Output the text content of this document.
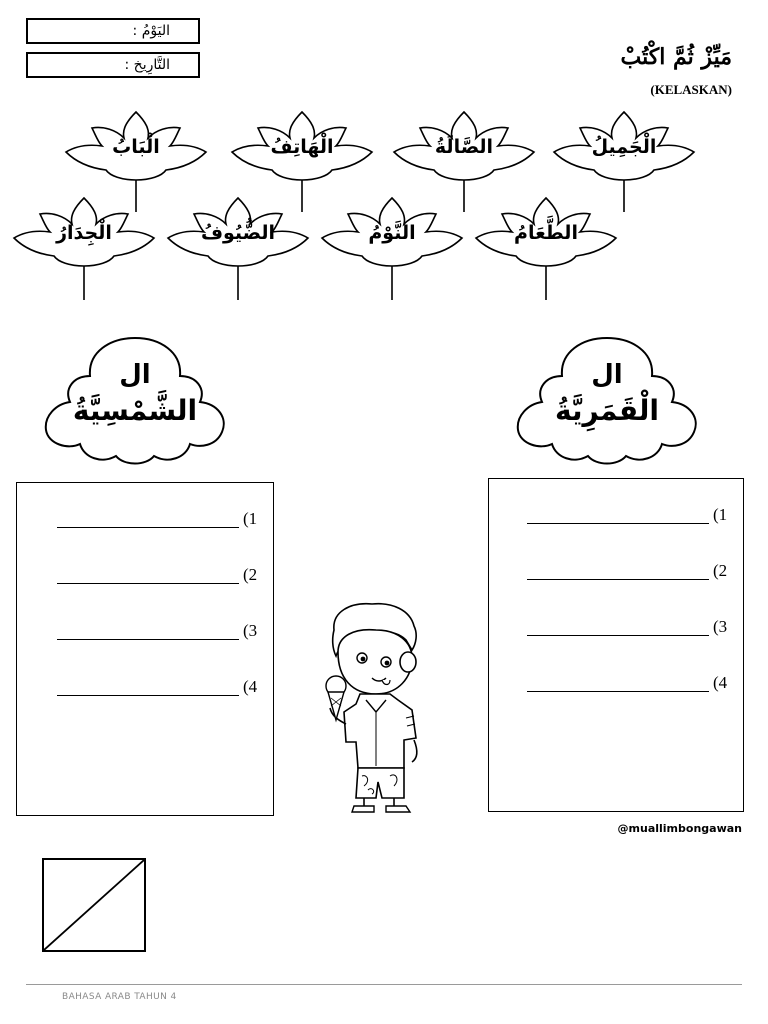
اليَوْمُ :
التَّارِيخ :	مَيِّزْ ثُمَّ اكْتُبْ
(KELASKAN)
الْبَابُ	الْهَاتِفُ	الصَّالَةُ	الْجَمِيلُ
الْجِدَارُ	الضُّيُوفُ	النَّوْمُ	الطَّعَامُ
ال
الشَّمْسِيَّةُ
ال
الْقَمَرِيَّةُ
(1
(2
(3
(4
(1
(2
(3
(4
@muallimbongawan
BAHASA ARAB TAHUN 4
